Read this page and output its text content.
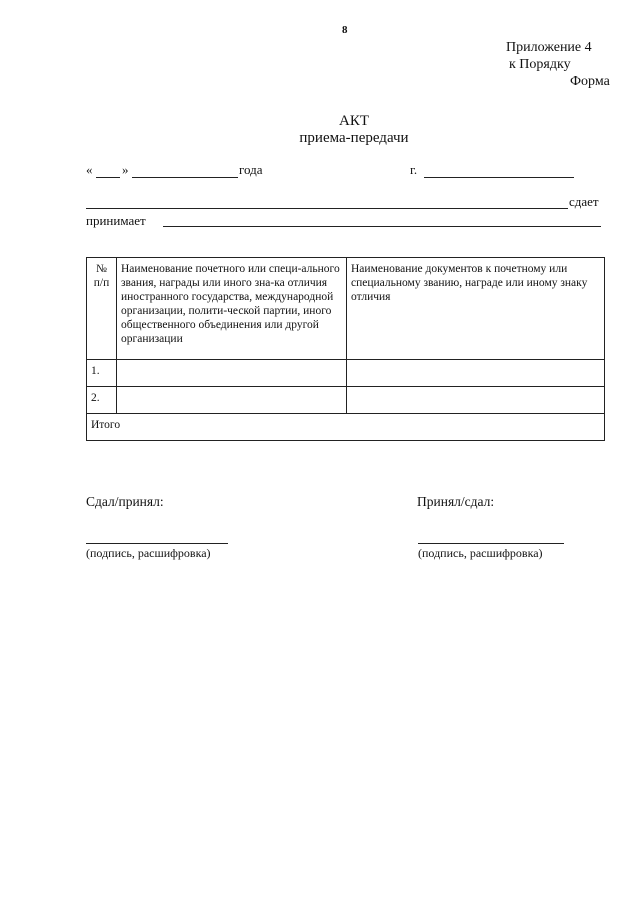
8
Приложение 4
к Порядку
Форма
АКТ
приема-передачи
« »	года	г.
сдает
принимает
№ п/п	Наименование почетного или специ-ального звания, награды или иного зна-ка отличия иностранного государства, международной организации, полити-ческой партии, иного общественного объединения или другой организации	Наименование документов к почетному или специальному званию, награде или иному знаку отличия
1.		
2.		
Итого		
Сдал/принял:
(подпись, расшифровка)
Принял/сдал:
(подпись, расшифровка)
